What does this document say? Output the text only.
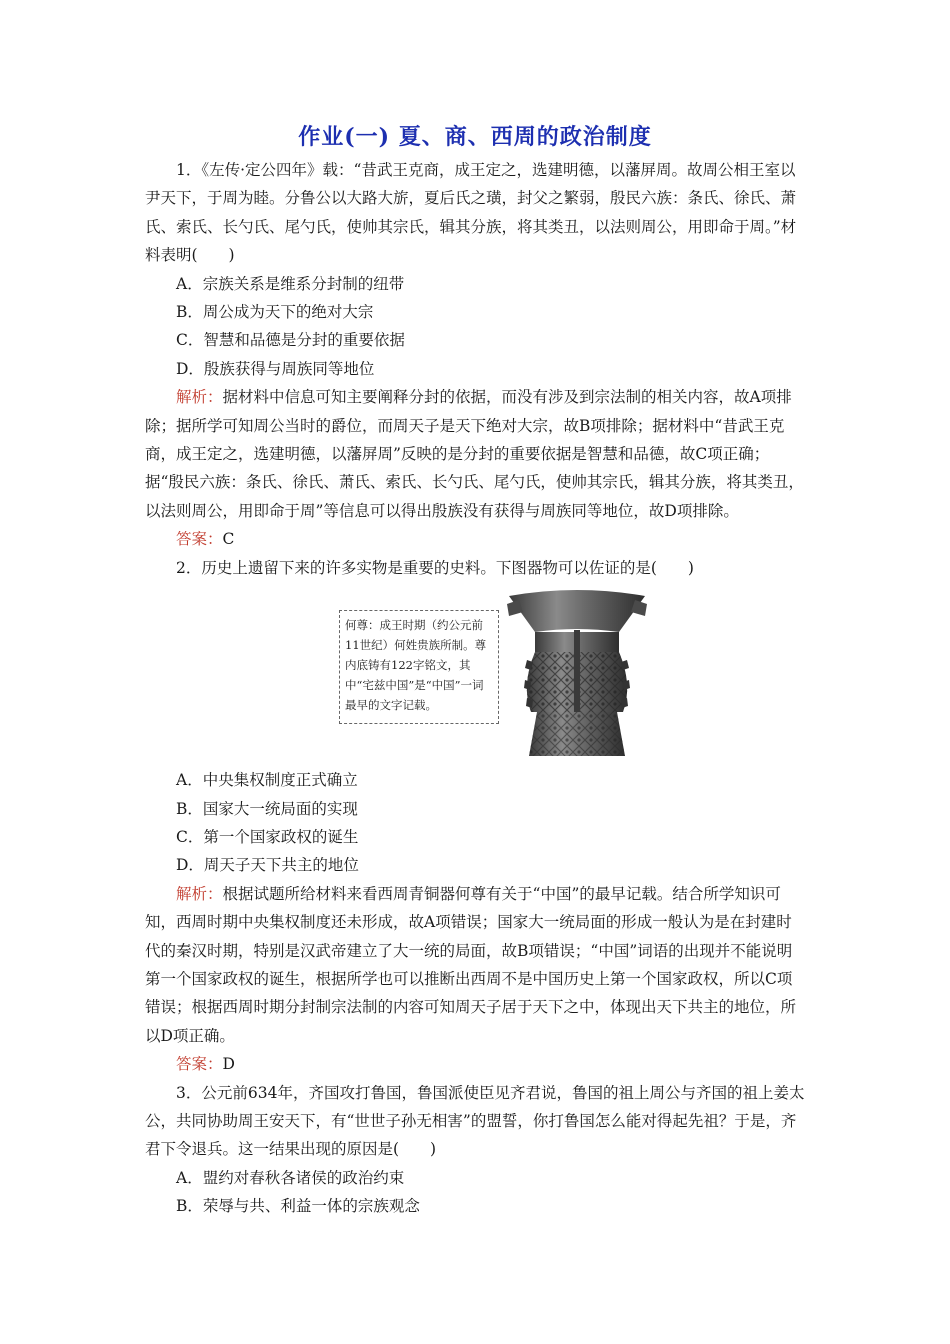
作业(一) 夏、商、西周的政治制度

1．《左传·定公四年》载：“昔武王克商，成王定之，选建明德，以藩屏周。故周公相王室以尹天下，于周为睦。分鲁公以大路大旂，夏后氏之璜，封父之繁弱，殷民六族：条氏、徐氏、萧氏、索氏、长勺氏、尾勺氏，使帅其宗氏，辑其分族，将其类丑，以法则周公，用即命于周。”材料表明(　　)

A．宗族关系是维系分封制的纽带

B．周公成为天下的绝对大宗

C．智慧和品德是分封的重要依据

D．殷族获得与周族同等地位

解析：据材料中信息可知主要阐释分封的依据，而没有涉及到宗法制的相关内容，故A项排除；据所学可知周公当时的爵位，而周天子是天下绝对大宗，故B项排除；据材料中“昔武王克商，成王定之，选建明德，以藩屏周”反映的是分封的重要依据是智慧和品德，故C项正确；据“殷民六族：条氏、徐氏、萧氏、索氏、长勺氏、尾勺氏，使帅其宗氏，辑其分族，将其类丑，以法则周公，用即命于周”等信息可以得出殷族没有获得与周族同等地位，故D项排除。

答案：C

2．历史上遗留下来的许多实物是重要的史料。下图器物可以佐证的是(　　)

何尊：成王时期（约公元前11世纪）何姓贵族所制。尊内底铸有122字铭文，其中“宅兹中国”是“中国”一词最早的文字记载。

A．中央集权制度正式确立

B．国家大一统局面的实现

C．第一个国家政权的诞生

D．周天子天下共主的地位

解析：根据试题所给材料来看西周青铜器何尊有关于“中国”的最早记载。结合所学知识可知，西周时期中央集权制度还未形成，故A项错误；国家大一统局面的形成一般认为是在封建时代的秦汉时期，特别是汉武帝建立了大一统的局面，故B项错误；“中国”词语的出现并不能说明第一个国家政权的诞生，根据所学也可以推断出西周不是中国历史上第一个国家政权，所以C项错误；根据西周时期分封制宗法制的内容可知周天子居于天下之中，体现出天下共主的地位，所以D项正确。

答案：D

3．公元前634年，齐国攻打鲁国，鲁国派使臣见齐君说，鲁国的祖上周公与齐国的祖上姜太公，共同协助周王安天下，有“世世子孙无相害”的盟誓，你打鲁国怎么能对得起先祖？于是，齐君下令退兵。这一结果出现的原因是(　　)

A．盟约对春秋各诸侯的政治约束

B．荣辱与共、利益一体的宗族观念
